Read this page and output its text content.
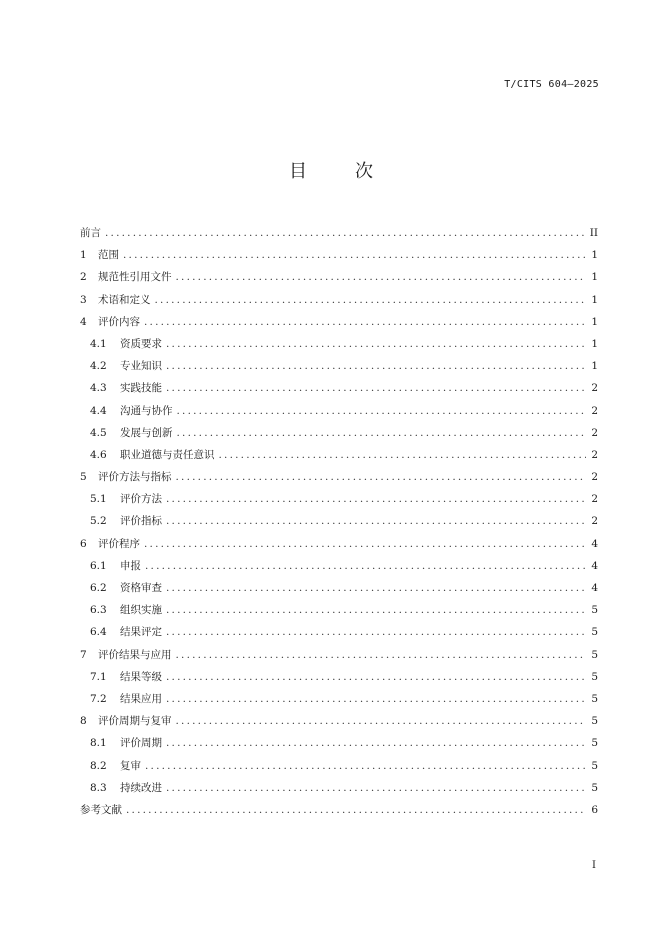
T/CITS 604—2025
目	次
前言 .....	II
1	范围 .....	1
2	规范性引用文件 .....	1
3	术语和定义 .....	1
4	评价内容 .....	1
4.1	资质要求 .....	1
4.2	专业知识 .....	1
4.3	实践技能 .....	2
4.4	沟通与协作 .....	2
4.5	发展与创新 .....	2
4.6	职业道德与责任意识 .....	2
5	评价方法与指标 .....	2
5.1	评价方法 .....	2
5.2	评价指标 .....	2
6	评价程序 .....	4
6.1	申报 .....	4
6.2	资格审查 .....	4
6.3	组织实施 .....	5
6.4	结果评定 .....	5
7	评价结果与应用 .....	5
7.1	结果等级 .....	5
7.2	结果应用 .....	5
8	评价周期与复审 .....	5
8.1	评价周期 .....	5
8.2	复审 .....	5
8.3	持续改进 .....	5
参考文献 .....	6
I
